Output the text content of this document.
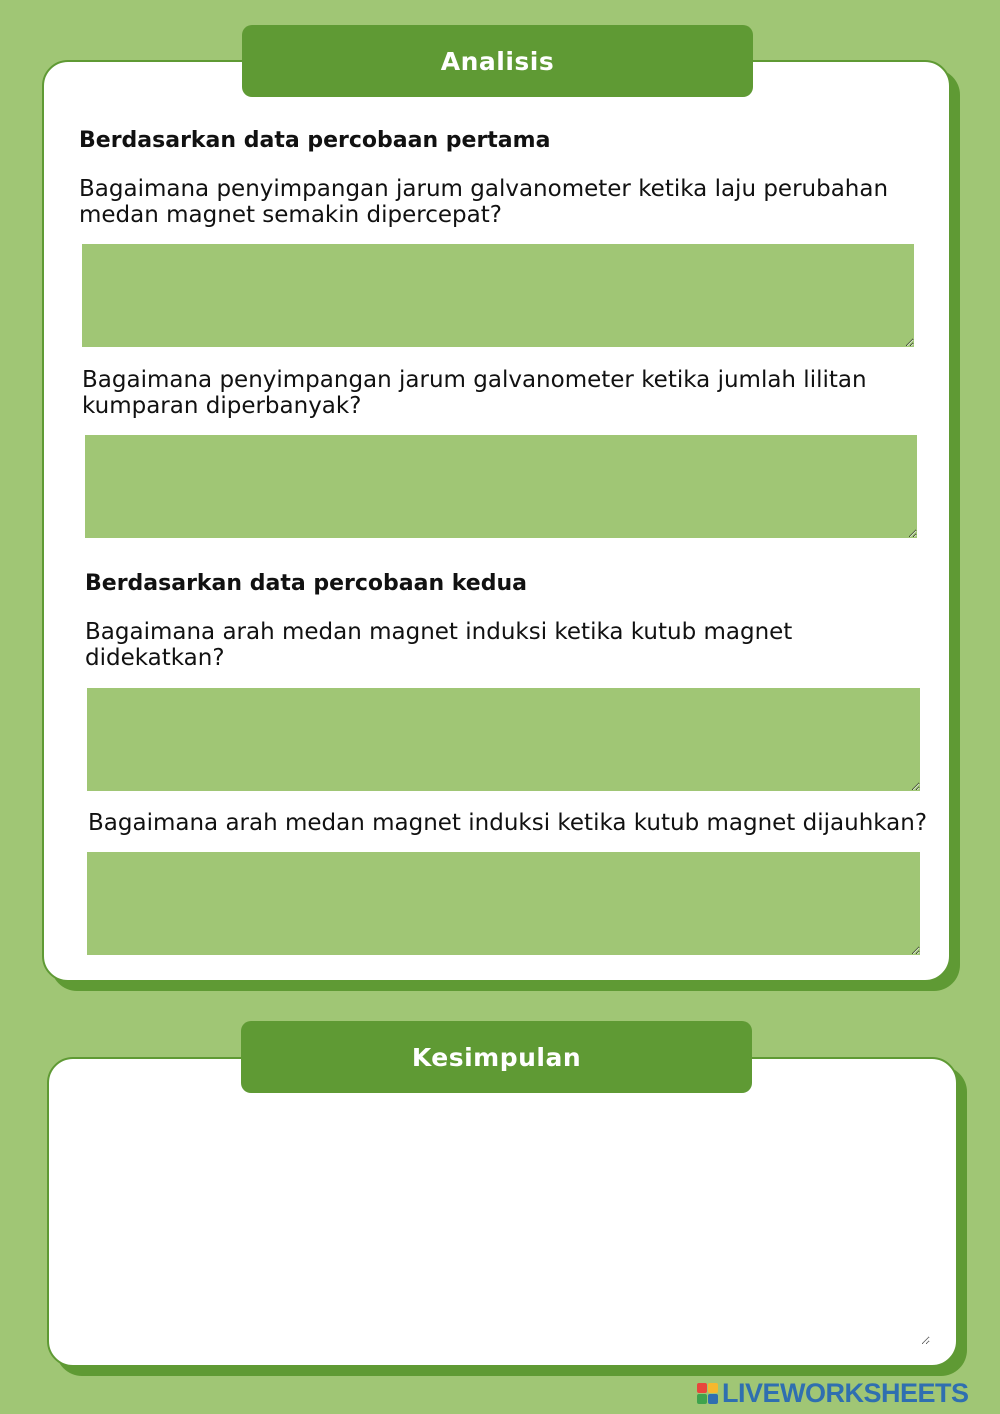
Analisis

Berdasarkan data percobaan pertama

Bagaimana penyimpangan jarum galvanometer ketika laju perubahan medan magnet semakin dipercepat?

Bagaimana penyimpangan jarum galvanometer ketika jumlah lilitan kumparan diperbanyak?

Berdasarkan data percobaan kedua

Bagaimana arah medan magnet induksi ketika kutub magnet didekatkan?

Bagaimana arah medan magnet induksi ketika kutub magnet dijauhkan?

Kesimpulan
LIVEWORKSHEETS
